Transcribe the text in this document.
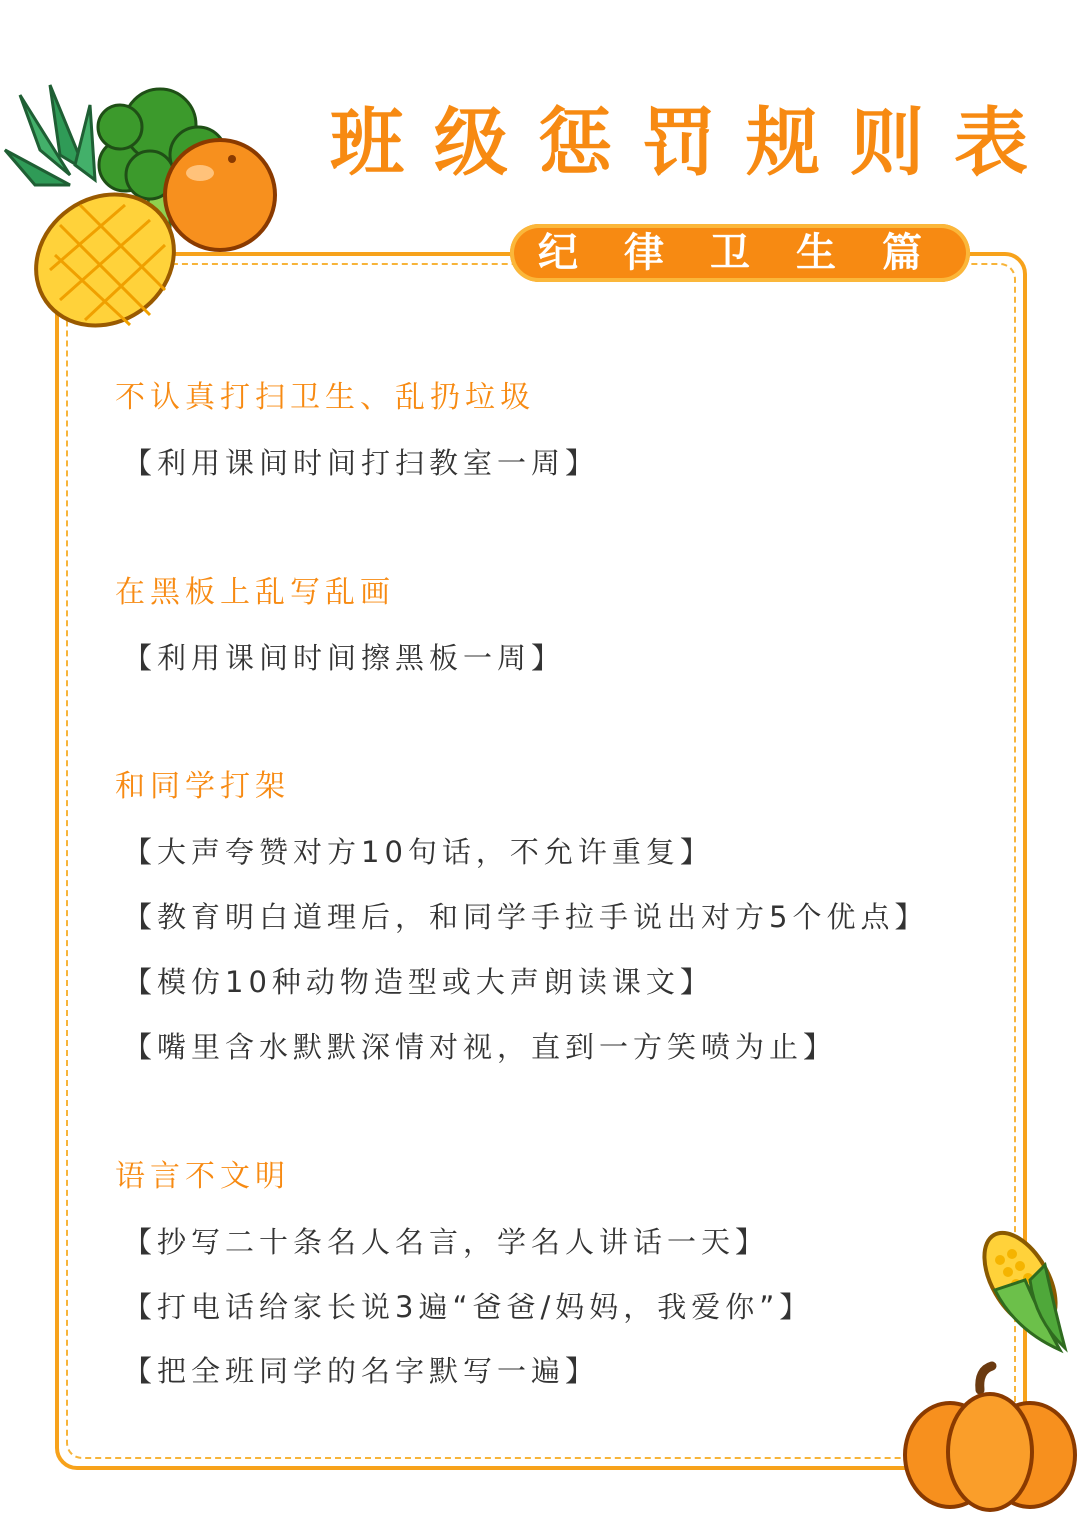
班级惩罚规则表
纪律卫生篇
不认真打扫卫生、乱扔垃圾
【利用课间时间打扫教室一周】
在黑板上乱写乱画
【利用课间时间擦黑板一周】
和同学打架
【大声夸赞对方10句话，不允许重复】
【教育明白道理后，和同学手拉手说出对方5个优点】
【模仿10种动物造型或大声朗读课文】
【嘴里含水默默深情对视，直到一方笑喷为止】
语言不文明
【抄写二十条名人名言，学名人讲话一天】
【打电话给家长说3遍“爸爸/妈妈，我爱你”】
【把全班同学的名字默写一遍】
